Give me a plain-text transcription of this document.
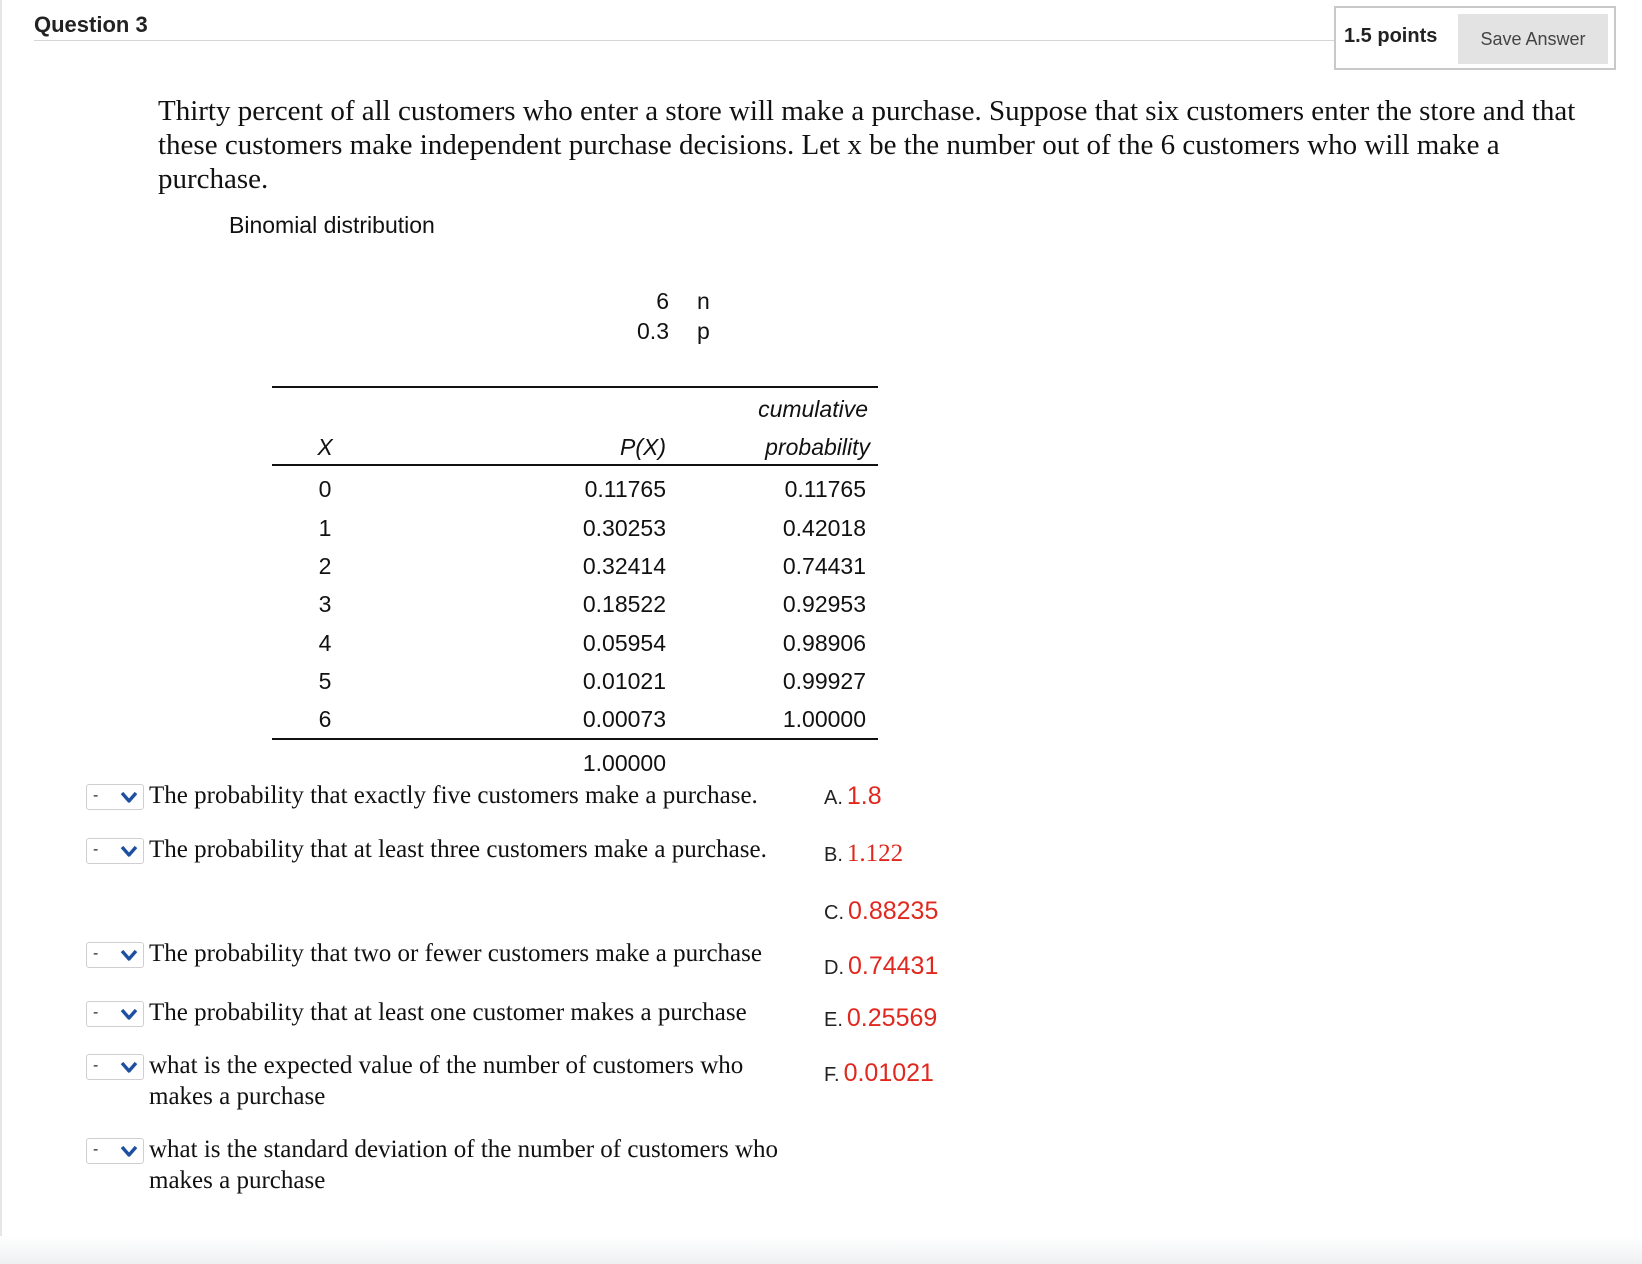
Question 3	1.5 points	Save Answer
Thirty percent of all customers who enter a store will make a purchase. Suppose that six customers enter the store and that these customers make independent purchase decisions. Let x be the number out of the 6 customers who will make a purchase.
Binomial distribution
6 n
0.3 p
cumulative
X	P(X)	probability
0	0.11765	0.11765
1	0.30253	0.42018
2	0.32414	0.74431
3	0.18522	0.92953
4	0.05954	0.98906
5	0.01021	0.99927
6	0.00073	1.00000
1.00000
- The probability that exactly five customers make a purchase.
- The probability that at least three customers make a purchase.
- The probability that two or fewer customers make a purchase
- The probability that at least one customer makes a purchase
- what is the expected value of the number of customers who makes a purchase
- what is the standard deviation of the number of customers who makes a purchase
A. 1.8
B. 1.122
C. 0.88235
D. 0.74431
E. 0.25569
F. 0.01021
